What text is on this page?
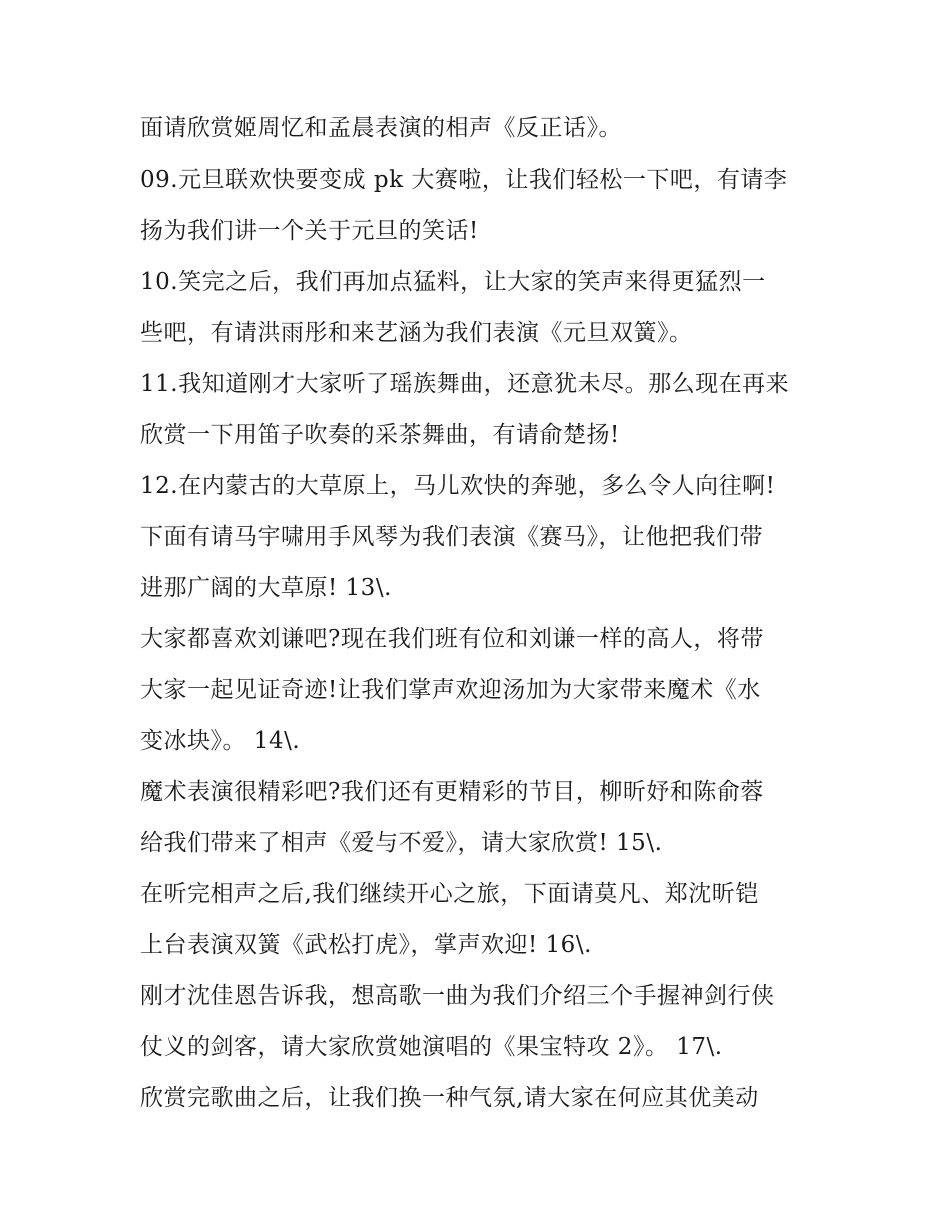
面请欣赏姬周忆和孟晨表演的相声《反正话》。
09.元旦联欢快要变成 pk 大赛啦，让我们轻松一下吧，有请李
扬为我们讲一个关于元旦的笑话!
10.笑完之后，我们再加点猛料，让大家的笑声来得更猛烈一
些吧，有请洪雨彤和来艺涵为我们表演《元旦双簧》。
11.我知道刚才大家听了瑶族舞曲，还意犹未尽。那么现在再来
欣赏一下用笛子吹奏的采茶舞曲，有请俞楚扬!
12.在内蒙古的大草原上，马儿欢快的奔驰，多么令人向往啊!
下面有请马宇啸用手风琴为我们表演《赛马》，让他把我们带
进那广阔的大草原! 13\.
大家都喜欢刘谦吧?现在我们班有位和刘谦一样的高人，将带
大家一起见证奇迹!让我们掌声欢迎汤加为大家带来魔术《水
变冰块》。 14\.
魔术表演很精彩吧?我们还有更精彩的节目，柳昕妤和陈俞蓉
给我们带来了相声《爱与不爱》，请大家欣赏! 15\.
在听完相声之后,我们继续开心之旅，下面请莫凡、郑沈昕铠
上台表演双簧《武松打虎》，掌声欢迎! 16\.
刚才沈佳恩告诉我，想高歌一曲为我们介绍三个手握神剑行侠
仗义的剑客，请大家欣赏她演唱的《果宝特攻 2》。 17\.
欣赏完歌曲之后，让我们换一种气氛,请大家在何应其优美动
